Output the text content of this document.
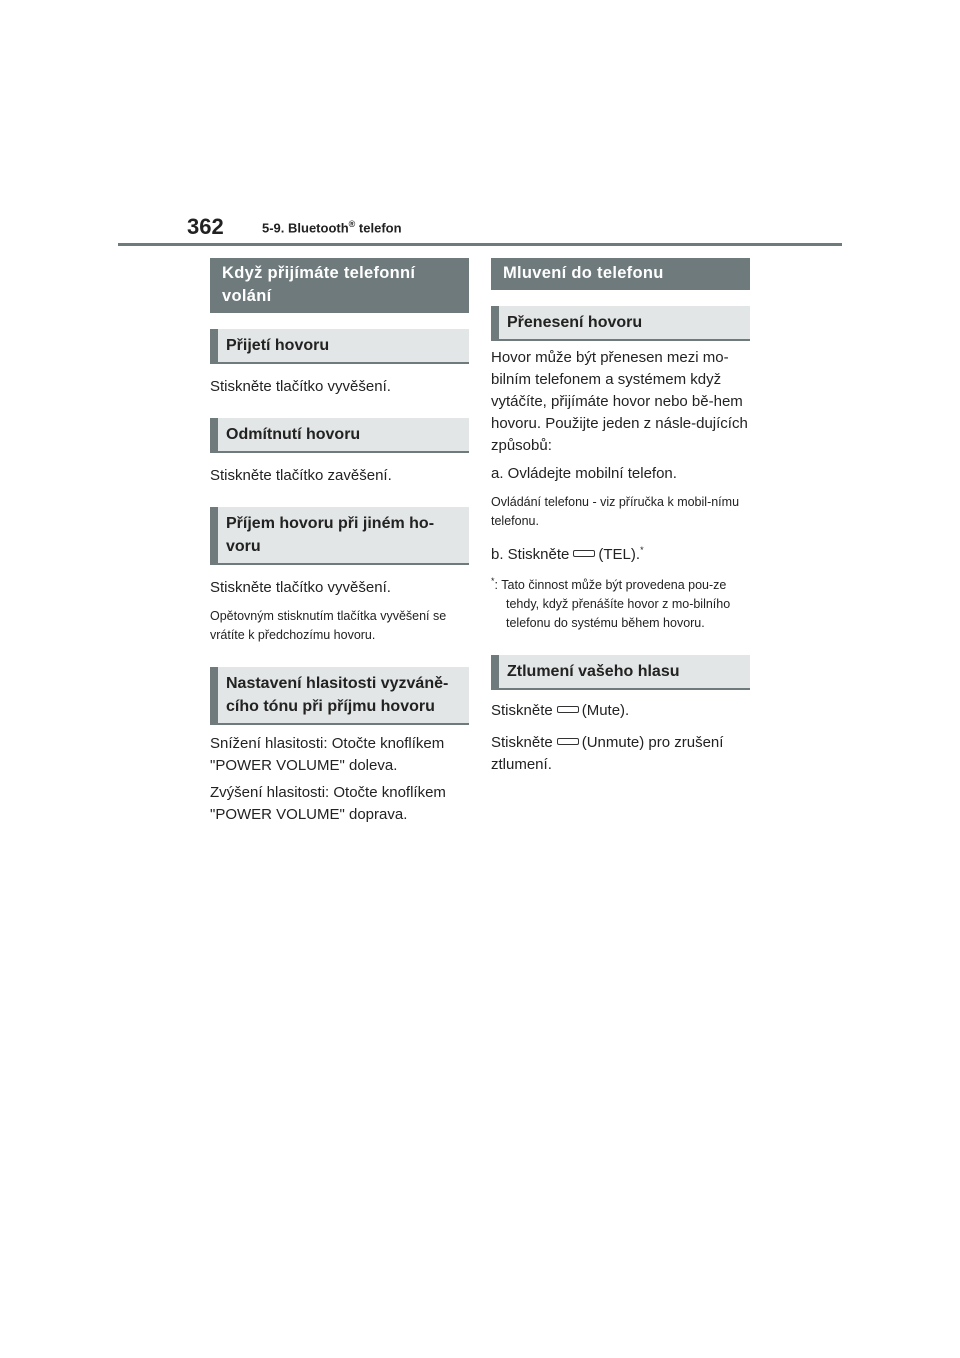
362	5-9. Bluetooth® telefon
Když přijímáte telefonní volání
Přijetí hovoru

Stiskněte tlačítko vyvěšení.

Odmítnutí hovoru

Stiskněte tlačítko zavěšení.

Příjem hovoru při jiném ho-voru

Stiskněte tlačítko vyvěšení.

Opětovným stisknutím tlačítka vyvěšení se vrátíte k předchozímu hovoru.

Nastavení hlasitosti vyzváně-cího tónu při příjmu hovoru

Snížení hlasitosti: Otočte knoflíkem "POWER VOLUME" doleva.

Zvýšení hlasitosti: Otočte knoflíkem "POWER VOLUME" doprava.

Mluvení do telefonu
Přenesení hovoru

Hovor může být přenesen mezi mo-bilním telefonem a systémem když vytáčíte, přijímáte hovor nebo bě-hem hovoru. Použijte jeden z násle-dujících způsobů:

a. Ovládejte mobilní telefon.

Ovládání telefonu - viz příručka k mobil-nímu telefonu.

b. Stiskněte (TEL).*

*: Tato činnost může být provedena pou-ze tehdy, když přenášíte hovor z mo-bilního telefonu do systému během hovoru.

Ztlumení vašeho hlasu

Stiskněte (Mute).

Stiskněte (Unmute) pro zrušení ztlumení.
